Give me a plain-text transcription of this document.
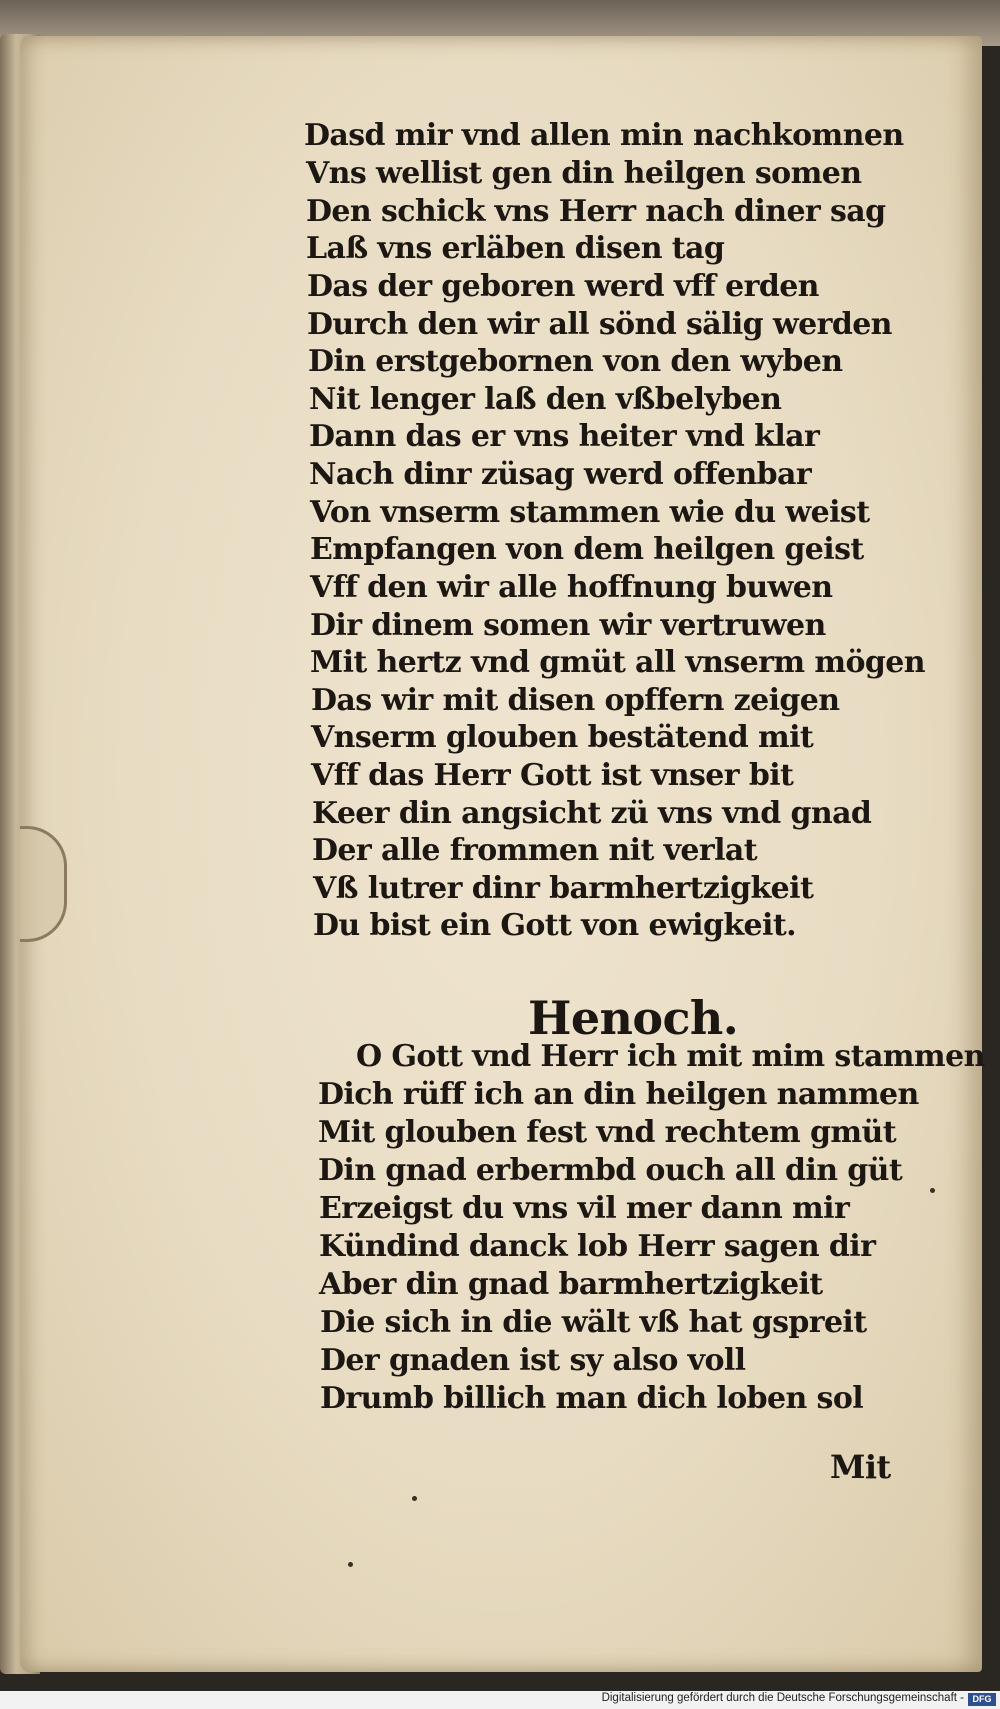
Dasd mir vnd allen min nachkomnen
Vns wellist gen din heilgen somen
Den schick vns Herr nach diner sag
Laß vns erläben disen tag
Das der geboren werd vff erden
Durch den wir all sönd sälig werden
Din erstgebornen von den wyben
Nit lenger laß den vßbelyben
Dann das er vns heiter vnd klar
Nach dinr züsag werd offenbar
Von vnserm stammen wie du weist
Empfangen von dem heilgen geist
Vff den wir alle hoffnung buwen
Dir dinem somen wir vertruwen
Mit hertz vnd gmüt all vnserm mögen
Das wir mit disen opffern zeigen
Vnserm glouben bestätend mit
Vff das Herr Gott ist vnser bit
Keer din angsicht zü vns vnd gnad
Der alle frommen nit verlat
Vß lutrer dinr barmhertzigkeit
Du bist ein Gott von ewigkeit.
Henoch.
O Gott vnd Herr ich mit mim stammen
Dich rüff ich an din heilgen nammen
Mit glouben fest vnd rechtem gmüt
Din gnad erbermbd ouch all din güt
Erzeigst du vns vil mer dann mir
Kündind danck lob Herr sagen dir
Aber din gnad barmhertzigkeit
Die sich in die wält vß hat gspreit
Der gnaden ist sy also voll
Drumb billich man dich loben sol
Mit
Digitalisierung gefördert durch die Deutsche Forschungsgemeinschaft - DFG
